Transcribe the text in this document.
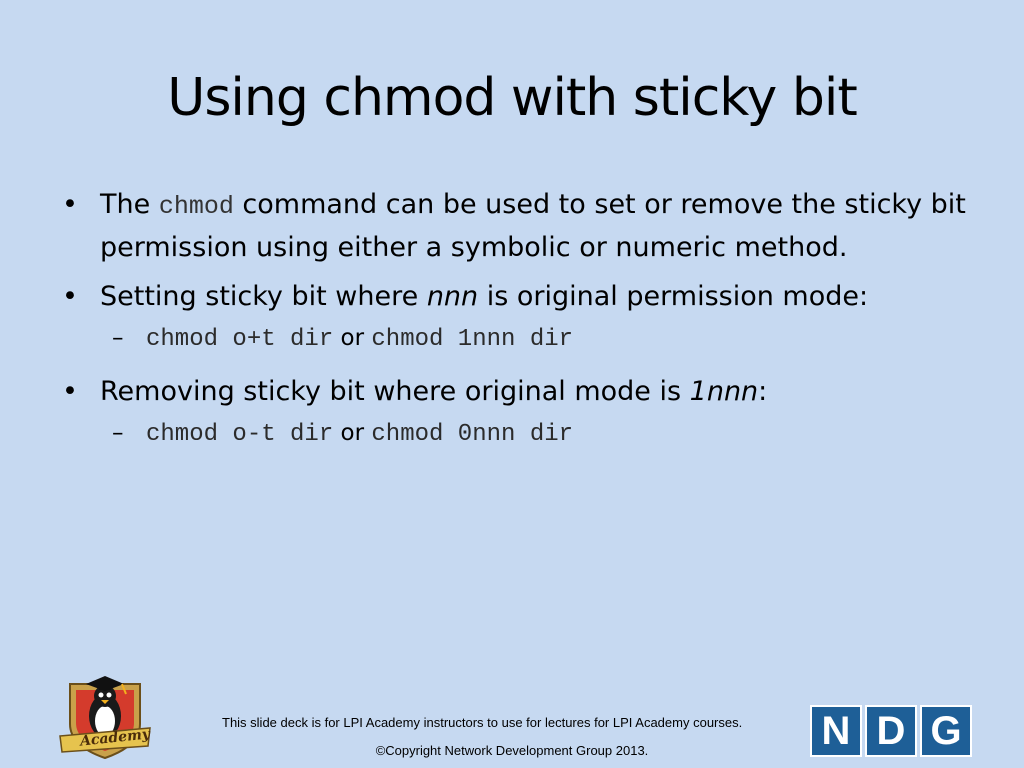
Using chmod with sticky bit
• The chmod command can be used to set or remove the sticky bit permission using either a symbolic or numeric method.
• Setting sticky bit where nnn is original permission mode:
– chmod o+t dir or chmod 1nnn dir
• Removing sticky bit where original mode is 1nnn:
– chmod o-t dir or chmod 0nnn dir
Academy
This slide deck is for LPI Academy instructors to use for lectures for LPI Academy courses.
©Copyright Network Development Group 2013.	N D G
